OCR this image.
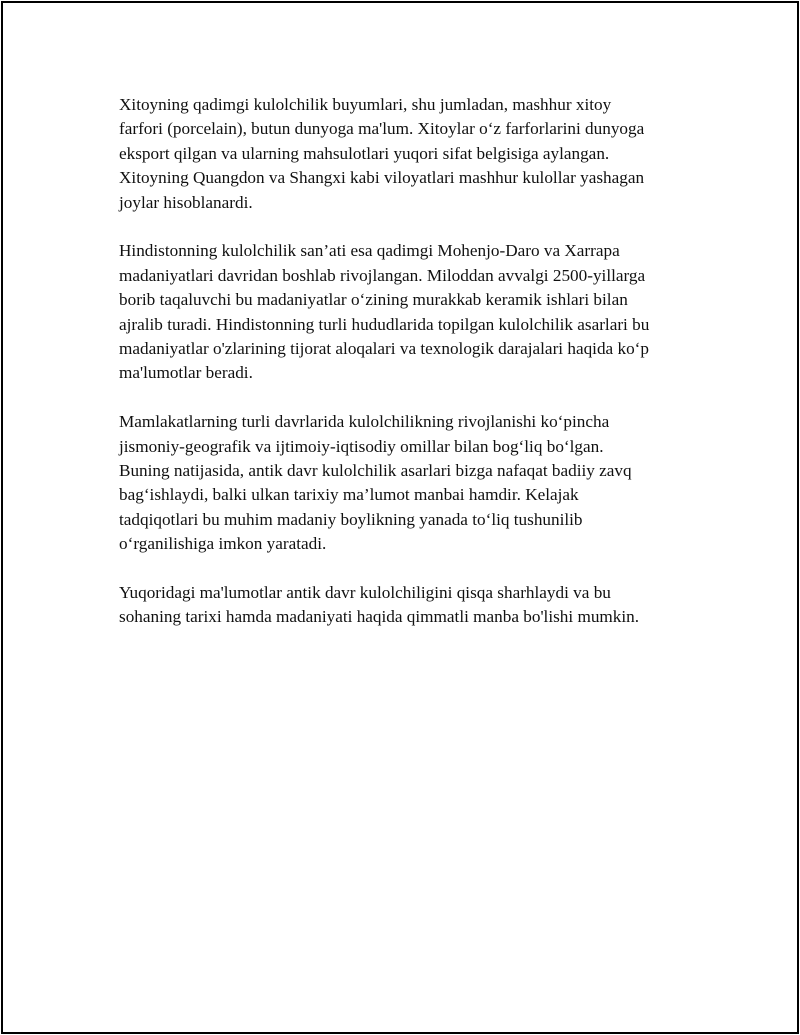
Xitoyning qadimgi kulolchilik buyumlari, shu jumladan, mashhur xitoy
farfori (porcelain), butun dunyoga ma'lum. Xitoylar o‘z farforlarini dunyoga
eksport qilgan va ularning mahsulotlari yuqori sifat belgisiga aylangan.
Xitoyning Quangdon va Shangxi kabi viloyatlari mashhur kulollar yashagan
joylar hisoblanardi.

Hindistonning kulolchilik san’ati esa qadimgi Mohenjo-Daro va Xarrapa
madaniyatlari davridan boshlab rivojlangan. Miloddan avvalgi 2500-yillarga
borib taqaluvchi bu madaniyatlar o‘zining murakkab keramik ishlari bilan
ajralib turadi. Hindistonning turli hududlarida topilgan kulolchilik asarlari bu
madaniyatlar o'zlarining tijorat aloqalari va texnologik darajalari haqida ko‘p
ma'lumotlar beradi.

Mamlakatlarning turli davrlarida kulolchilikning rivojlanishi ko‘pincha
jismoniy-geografik va ijtimoiy-iqtisodiy omillar bilan bog‘liq bo‘lgan.
Buning natijasida, antik davr kulolchilik asarlari bizga nafaqat badiiy zavq
bag‘ishlaydi, balki ulkan tarixiy ma’lumot manbai hamdir. Kelajak
tadqiqotlari bu muhim madaniy boylikning yanada to‘liq tushunilib
o‘rganilishiga imkon yaratadi.

Yuqoridagi ma'lumotlar antik davr kulolchiligini qisqa sharhlaydi va bu
sohaning tarixi hamda madaniyati haqida qimmatli manba bo'lishi mumkin.
